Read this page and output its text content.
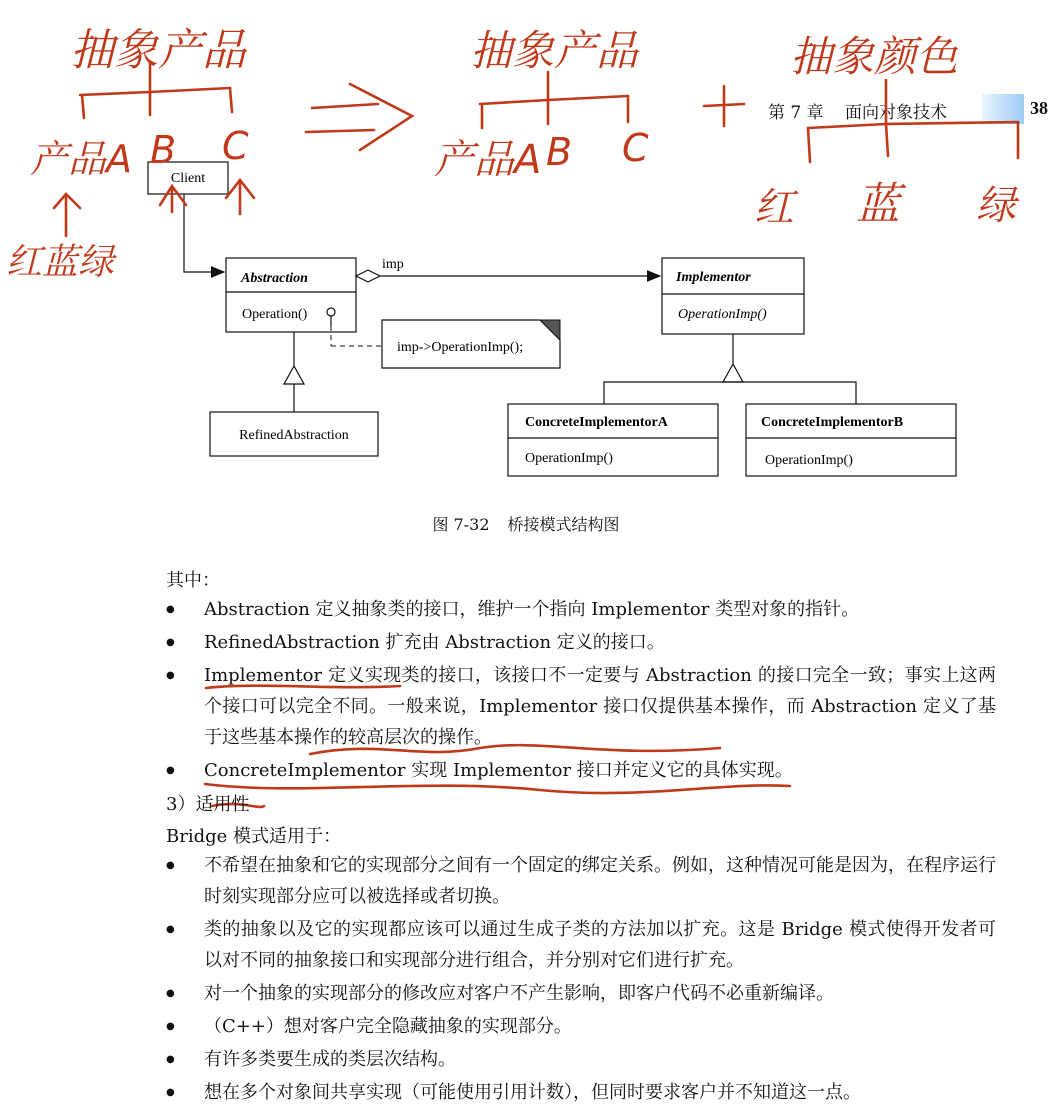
第 7 章 面向对象技术	38
Client
Abstraction
Operation()
imp
imp->OperationImp();
Implementor
OperationImp()
RefinedAbstraction
ConcreteImplementorA
OperationImp()
ConcreteImplementorB
OperationImp()
抽象产品
产品A B C
红蓝绿
抽象产品
产品A B C
抽象颜色
红 蓝 绿
图 7-32 桥接模式结构图
其中：
● Abstraction 定义抽象类的接口，维护一个指向 Implementor 类型对象的指针。
● RefinedAbstraction 扩充由 Abstraction 定义的接口。
● Implementor 定义实现类的接口，该接口不一定要与 Abstraction 的接口完全一致；事实上这两个接口可以完全不同。一般来说，Implementor 接口仅提供基本操作，而 Abstraction 定义了基于这些基本操作的较高层次的操作。
● ConcreteImplementor 实现 Implementor 接口并定义它的具体实现。
3）适用性
Bridge 模式适用于：
● 不希望在抽象和它的实现部分之间有一个固定的绑定关系。例如，这种情况可能是因为，在程序运行时刻实现部分应可以被选择或者切换。
● 类的抽象以及它的实现都应该可以通过生成子类的方法加以扩充。这是 Bridge 模式使得开发者可以对不同的抽象接口和实现部分进行组合，并分别对它们进行扩充。
● 对一个抽象的实现部分的修改应对客户不产生影响，即客户代码不必重新编译。
● （C++）想对客户完全隐藏抽象的实现部分。
● 有许多类要生成的类层次结构。
● 想在多个对象间共享实现（可能使用引用计数），但同时要求客户并不知道这一点。
